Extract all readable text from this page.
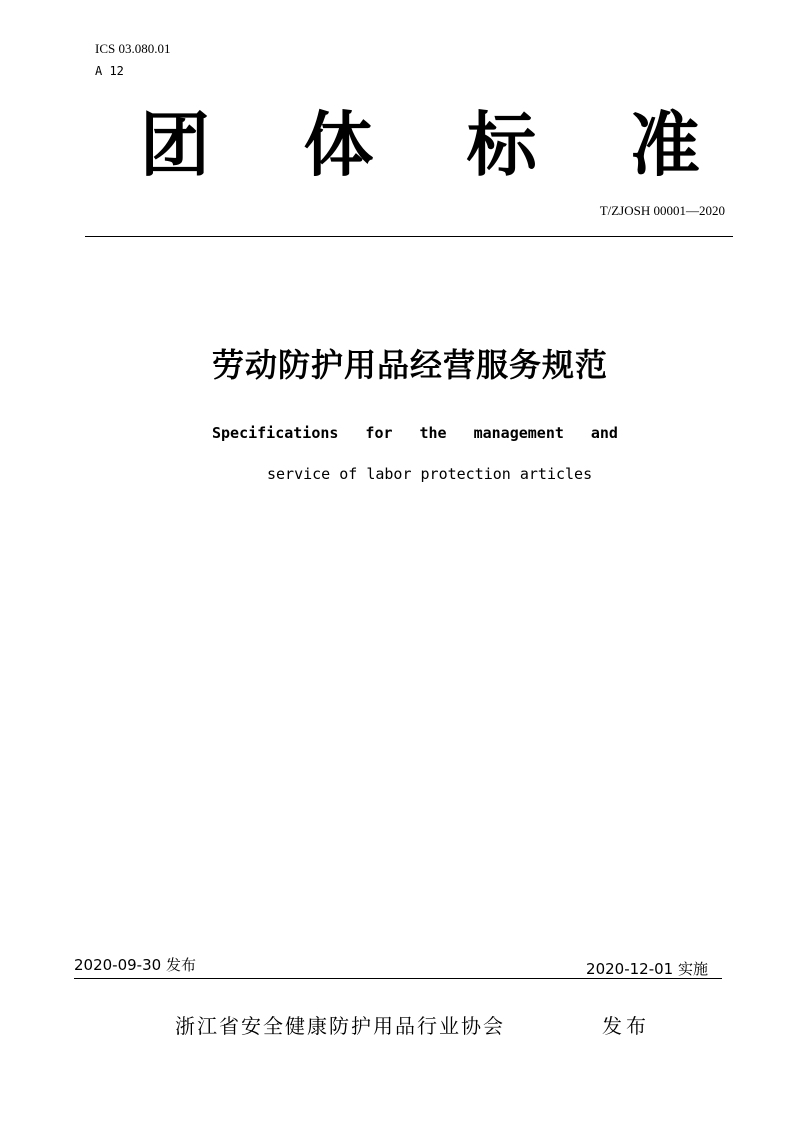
ICS 03.080.01
A 12
团 体 标 准
T/ZJOSH 00001—2020
劳动防护用品经营服务规范
Specifications for the management and
service of labor protection articles
2020-09-30 发布	2020-12-01 实施
浙江省安全健康防护用品行业协会	发布
